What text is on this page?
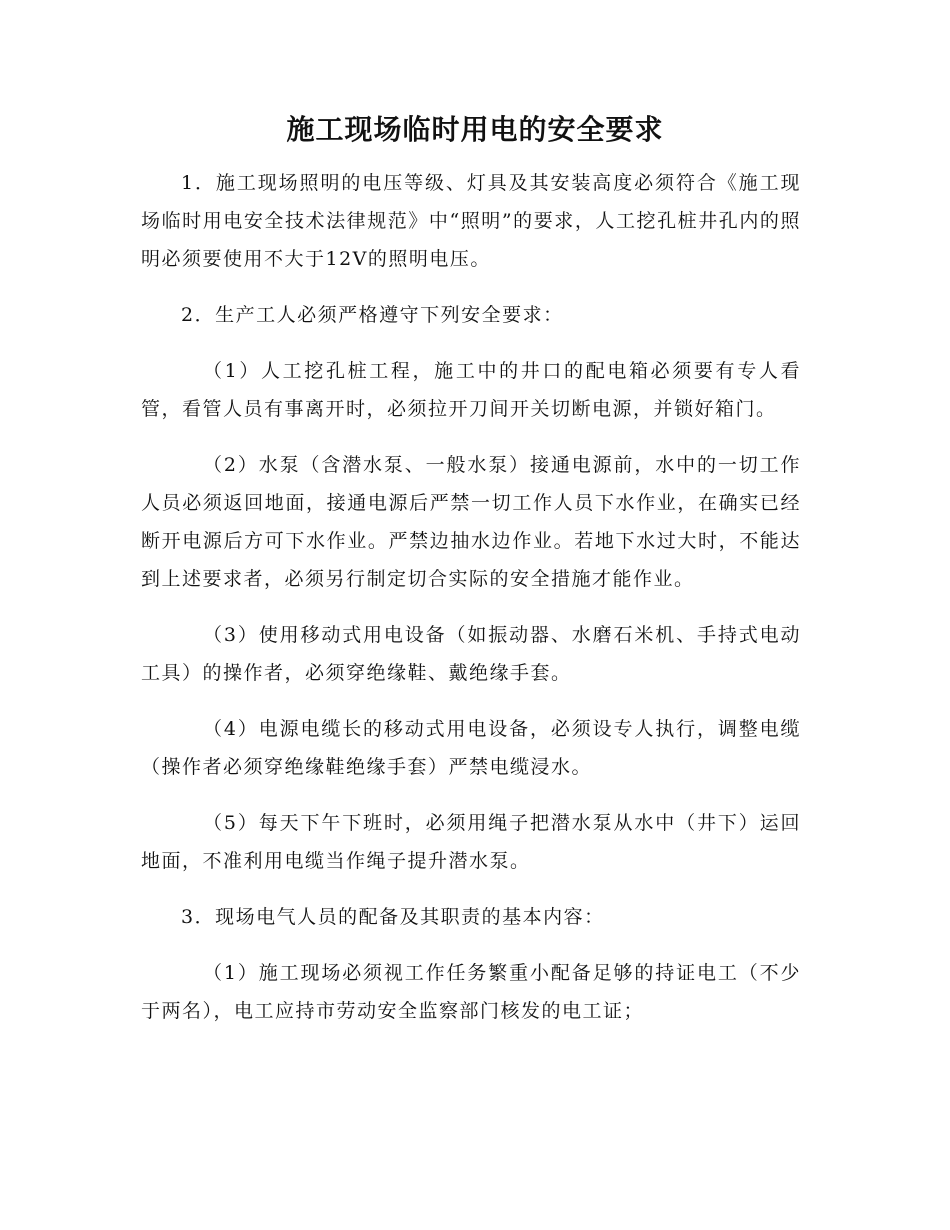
施工现场临时用电的安全要求

1．施工现场照明的电压等级、灯具及其安装高度必须符合《施工现场临时用电安全技术法律规范》中“照明”的要求，人工挖孔桩井孔内的照明必须要使用不大于12V的照明电压。

2．生产工人必须严格遵守下列安全要求：

（1）人工挖孔桩工程，施工中的井口的配电箱必须要有专人看管，看管人员有事离开时，必须拉开刀间开关切断电源，并锁好箱门。

（2）水泵（含潜水泵、一般水泵）接通电源前，水中的一切工作人员必须返回地面，接通电源后严禁一切工作人员下水作业，在确实已经断开电源后方可下水作业。严禁边抽水边作业。若地下水过大时，不能达到上述要求者，必须另行制定切合实际的安全措施才能作业。

（3）使用移动式用电设备（如振动器、水磨石米机、手持式电动工具）的操作者，必须穿绝缘鞋、戴绝缘手套。

（4）电源电缆长的移动式用电设备，必须设专人执行，调整电缆（操作者必须穿绝缘鞋绝缘手套）严禁电缆浸水。

（5）每天下午下班时，必须用绳子把潜水泵从水中（井下）运回地面，不准利用电缆当作绳子提升潜水泵。

3．现场电气人员的配备及其职责的基本内容：

（1）施工现场必须视工作任务繁重小配备足够的持证电工（不少于两名），电工应持市劳动安全监察部门核发的电工证；
